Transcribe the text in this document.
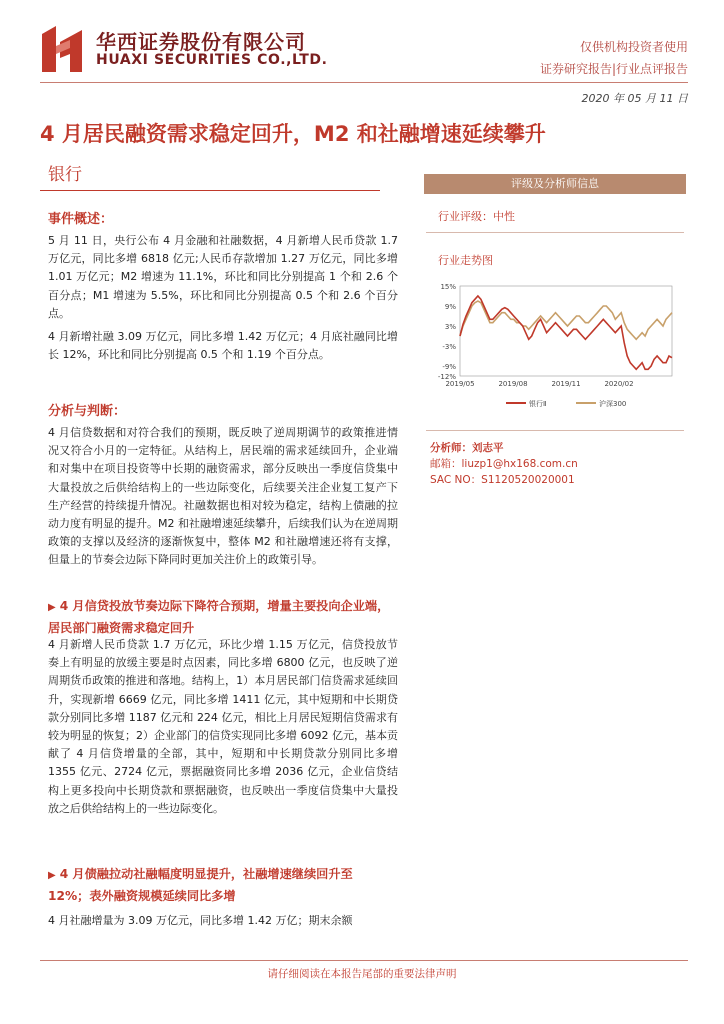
华西证券股份有限公司
HUAXI SECURITIES CO.,LTD.
仅供机构投资者使用
证券研究报告|行业点评报告
2020 年 05 月 11 日
4 月居民融资需求稳定回升，M2 和社融增速延续攀升
银行
事件概述：
5 月 11 日，央行公布 4 月金融和社融数据，4 月新增人民币贷款 1.7 万亿元，同比多增 6818 亿元;人民币存款增加 1.27 万亿元，同比多增 1.01 万亿元；M2 增速为 11.1%，环比和同比分别提高 1 个和 2.6 个百分点；M1 增速为 5.5%，环比和同比分别提高 0.5 个和 2.6 个百分点。
4 月新增社融 3.09 万亿元，同比多增 1.42 万亿元；4 月底社融同比增长 12%，环比和同比分别提高 0.5 个和 1.19 个百分点。
分析与判断：
4 月信贷数据和对符合我们的预期，既反映了逆周期调节的政策推进情况又符合小月的一定特征。从结构上，居民端的需求延续回升，企业端和对集中在项目投资等中长期的融资需求，部分反映出一季度信贷集中大量投放之后供给结构上的一些边际变化，后续要关注企业复工复产下生产经营的持续提升情况。社融数据也相对较为稳定，结构上债融的拉动力度有明显的提升。M2 和社融增速延续攀升，后续我们认为在逆周期政策的支撑以及经济的逐渐恢复中，整体 M2 和社融增速还将有支撑，但量上的节奏会边际下降同时更加关注价上的政策引导。
▶ 4 月信贷投放节奏边际下降符合预期，增量主要投向企业端，居民部门融资需求稳定回升
4 月新增人民币贷款 1.7 万亿元，环比少增 1.15 万亿元，信贷投放节奏上有明显的放缓主要是时点因素，同比多增 6800 亿元，也反映了逆周期货币政策的推进和落地。结构上，1）本月居民部门信贷需求延续回升，实现新增 6669 亿元，同比多增 1411 亿元，其中短期和中长期贷款分别同比多增 1187 亿元和 224 亿元，相比上月居民短期信贷需求有较为明显的恢复；2）企业部门的信贷实现同比多增 6092 亿元，基本贡献了 4 月信贷增量的全部，其中，短期和中长期贷款分别同比多增 1355 亿元、2724 亿元，票据融资同比多增 2036 亿元，企业信贷结构上更多投向中长期贷款和票据融资，也反映出一季度信贷集中大量投放之后供给结构上的一些边际变化。
▶ 4 月债融拉动社融幅度明显提升，社融增速继续回升至 12%；表外融资规模延续同比多增
4 月社融增量为 3.09 万亿元，同比多增 1.42 万亿；期末余额
评级及分析师信息
行业评级：中性
行业走势图
15%
9%
3%
-3%
-9%
-12%
2019/05	2019/08	2019/11	2020/02
银行Ⅱ	沪深300
分析师：刘志平
邮箱：liuzp1@hx168.com.cn
SAC NO：S1120520020001
请仔细阅读在本报告尾部的重要法律声明
